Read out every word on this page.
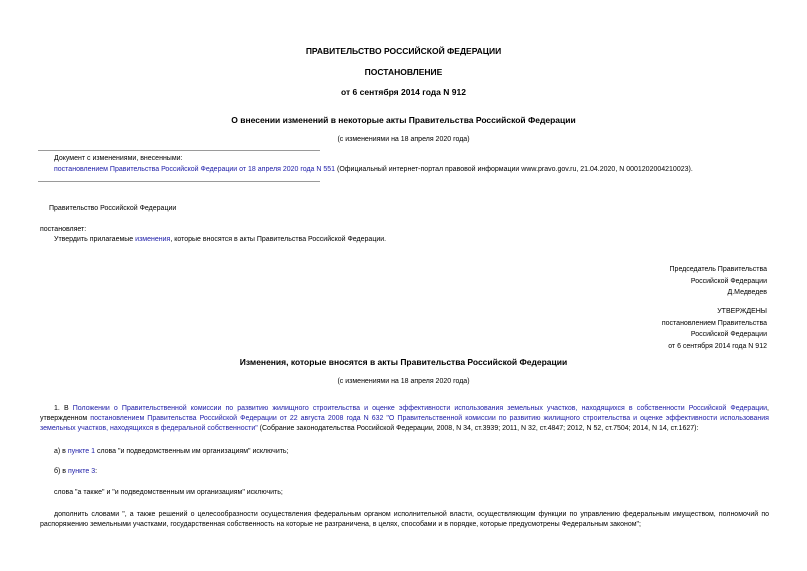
ПРАВИТЕЛЬСТВО РОССИЙСКОЙ ФЕДЕРАЦИИ
ПОСТАНОВЛЕНИЕ
от 6 сентября 2014 года N 912
О внесении изменений в некоторые акты Правительства Российской Федерации
(с изменениями на 18 апреля 2020 года)
Документ с изменениями, внесенными:
постановлением Правительства Российской Федерации от 18 апреля 2020 года N 551 (Официальный интернет-портал правовой информации www.pravo.gov.ru, 21.04.2020, N 0001202004210023).
Правительство Российской Федерации
постановляет:
Утвердить прилагаемые изменения, которые вносятся в акты Правительства Российской Федерации.
Председатель Правительства
Российской Федерации
Д.Медведев
УТВЕРЖДЕНЫ
постановлением Правительства
Российской Федерации
от 6 сентября 2014 года N 912
Изменения, которые вносятся в акты Правительства Российской Федерации
(с изменениями на 18 апреля 2020 года)
1. В Положении о Правительственной комиссии по развитию жилищного строительства и оценке эффективности использования земельных участков, находящихся в собственности Российской Федерации, утвержденном постановлением Правительства Российской Федерации от 22 августа 2008 года N 632 "О Правительственной комиссии по развитию жилищного строительства и оценке эффективности использования земельных участков, находящихся в федеральной собственности" (Собрание законодательства Российской Федерации, 2008, N 34, ст.3939; 2011, N 32, ст.4847; 2012, N 52, ст.7504; 2014, N 14, ст.1627):
а) в пункте 1 слова "и подведомственным им организациям" исключить;
б) в пункте 3:
слова "а также" и "и подведомственным им организациям" исключить;
дополнить словами ", а также решений о целесообразности осуществления федеральным органом исполнительной власти, осуществляющим функции по управлению федеральным имуществом, полномочий по распоряжению земельными участками, государственная собственность на которые не разграничена, в целях, способами и в порядке, которые предусмотрены Федеральным законом";
